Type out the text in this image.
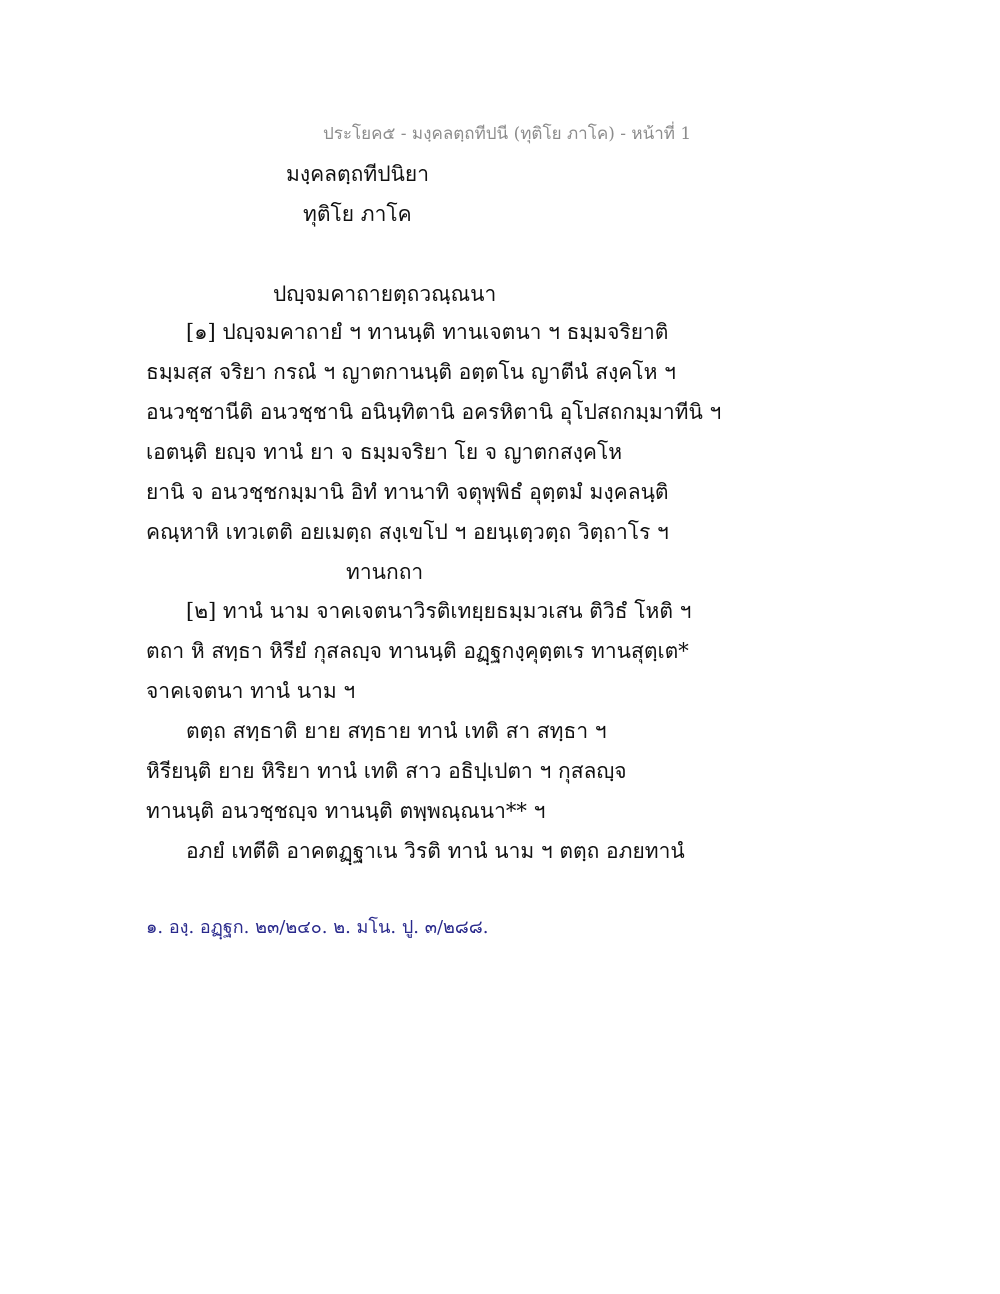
ประโยค๕ - มงฺคลตฺถทีปนี (ทุติโย ภาโค) - หน้าที่ 1
มงฺคลตฺถทีปนิยา
ทุติโย ภาโค
ปญฺจมคาถายตฺถวณฺณนา
[๑] ปญฺจมคาถายํ ฯ ทานนฺติ ทานเจตนา ฯ ธมฺมจริยาติ
ธมฺมสฺส จริยา กรณํ ฯ ญาตกานนฺติ อตฺตโน ญาตีนํ สงฺคโห ฯ
อนวชฺชานีติ อนวชฺชานิ อนินฺทิตานิ อครหิตานิ อุโปสถกมฺมาทีนิ ฯ
เอตนฺติ ยญฺจ ทานํ ยา จ ธมฺมจริยา โย จ ญาตกสงฺคโห
ยานิ จ อนวชฺชกมฺมานิ อิทํ ทานาทิ จตุพฺพิธํ อุตฺตมํ มงฺคลนฺติ
คณฺหาหิ เทวเตติ อยเมตฺถ สงฺเขโป ฯ อยนฺเตฺวตฺถ วิตฺถาโร ฯ
ทานกถา
[๒] ทานํ นาม จาคเจตนาวิรติเทยฺยธมฺมวเสน ติวิธํ โหติ ฯ
ตถา หิ สทฺธา หิรียํ กุสลญฺจ ทานนฺติ อฏฺฐกงฺคุตฺตเร ทานสุตฺเต*
จาคเจตนา ทานํ นาม ฯ
ตตฺถ สทฺธาติ ยาย สทฺธาย ทานํ เทติ สา สทฺธา ฯ
หิรียนฺติ ยาย หิริยา ทานํ เทติ สาว อธิปฺเปตา ฯ กุสลญฺจ
ทานนฺติ อนวชฺชญฺจ ทานนฺติ ตพฺพณฺณนา** ฯ
อภยํ เทตีติ อาคตฏฺฐาเน วิรติ ทานํ นาม ฯ ตตฺถ อภยทานํ
๑. องฺ. อฏฺฐก. ๒๓/๒๔๐. ๒. มโน. ปู. ๓/๒๘๘.
